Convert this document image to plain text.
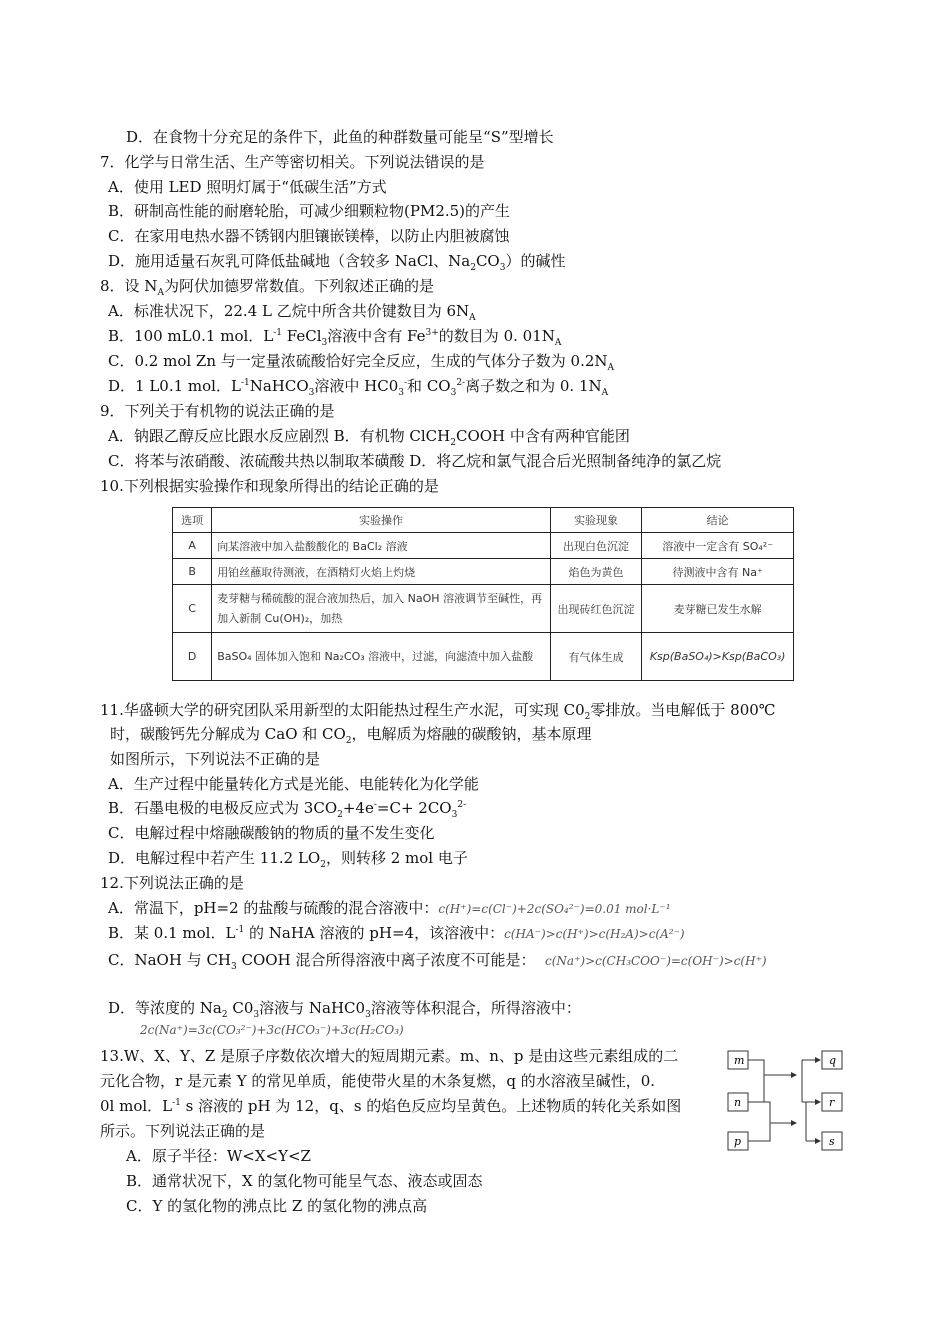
D．在食物十分充足的条件下，此鱼的种群数量可能呈“S”型增长
7．化学与日常生活、生产等密切相关。下列说法错误的是
A．使用 LED 照明灯属于“低碳生活”方式
B．研制高性能的耐磨轮胎，可减少细颗粒物(PM2.5)的产生
C．在家用电热水器不锈钢内胆镶嵌镁棒，以防止内胆被腐蚀
D．施用适量石灰乳可降低盐碱地（含较多 NaCl、$Na_2CO_3$）的碱性
8．设 $N_A$为阿伏加德罗常数值。下列叙述正确的是
A．标准状况下，22.4 L 乙烷中所含共价键数目为 $6N_A$
B．100 mL0.1 mol．$L^{-1}$ FeCl$_3$溶液中含有 $Fe^{3+}$的数目为 0. $01N_A$
C．0.2 mol Zn 与一定量浓硫酸恰好完全反应，生成的气体分子数为 $0.2N_A$
D．1 L0.1 mol．$L^{-1}NaHCO_3$溶液中 $HC0_3^-$和 $CO_3^{2-}$离子数之和为 0. $1N_A$
9．下列关于有机物的说法正确的是
A．钠跟乙醇反应比跟水反应剧烈 B．有机物 ClCH$_2$COOH 中含有两种官能团
C．将苯与浓硝酸、浓硫酸共热以制取苯磺酸 D．将乙烷和氯气混合后光照制备纯净的氯乙烷
10.下列根据实验操作和现象所得出的结论正确的是
选项	实验操作	实验现象	结论
A	向某溶液中加入盐酸酸化的 BaCl₂ 溶液	出现白色沉淀	溶液中一定含有 SO₄²⁻
B	用铂丝蘸取待测液，在酒精灯火焰上灼烧	焰色为黄色	待测液中含有 Na⁺
C	麦芽糖与稀硫酸的混合液加热后，加入 NaOH 溶液调节至碱性，再加入新制 Cu(OH)₂，加热	出现砖红色沉淀	麦芽糖已发生水解
D	BaSO₄ 固体加入饱和 Na₂CO₃ 溶液中，过滤，向滤渣中加入盐酸	有气体生成	Ksp(BaSO₄)>Ksp(BaCO₃)
11.华盛顿大学的研究团队采用新型的太阳能热过程生产水泥，可实现 $C0_2$零排放。当电解低于 800℃
时，碳酸钙先分解成为 CaO 和 $CO_2$，电解质为熔融的碳酸钠，基本原理
如图所示，下列说法不正确的是
A．生产过程中能量转化方式是光能、电能转化为化学能
B．石墨电极的电极反应式为 $3CO_2+4e^-=C+ 2CO_3^{2-}$
C．电解过程中熔融碳酸钠的物质的量不发生变化
D．电解过程中若产生 11.2 $LO_2$，则转移 2 mol 电子
12.下列说法正确的是
A．常温下，pH=2 的盐酸与硫酸的混合溶液中：c(H⁺)=c(Cl⁻)+2c(SO₄²⁻)=0.01 mol·L⁻¹
B．某 0.1 mol．$L^{-1}$ 的 NaHA 溶液的 pH=4，该溶液中：c(HA⁻)>c(H⁺)>c(H₂A)>c(A²⁻)
C．NaOH 与 $CH_3$ COOH 混合所得溶液中离子浓度不可能是： c(Na⁺)>c(CH₃COO⁻)=c(OH⁻)>c(H⁺)
D．等浓度的 $Na_2$ $C0_3$溶液与 $NaHC0_3$溶液等体积混合，所得溶液中：
2c(Na⁺)=3c(CO₃²⁻)+3c(HCO₃⁻)+3c(H₂CO₃)
13.W、X、Y、Z 是原子序数依次增大的短周期元素。m、n、p 是由这些元素组成的二
元化合物，r 是元素 Y 的常见单质，能使带火星的木条复燃，q 的水溶液呈碱性，0.
0l mol．$L^{-1}$ s 溶液的 pH 为 12，q、s 的焰色反应均呈黄色。上述物质的转化关系如图
所示。下列说法正确的是
A．原子半径：W<X<Y<Z
B．通常状况下，X 的氢化物可能呈气态、液态或固态
C．Y 的氢化物的沸点比 Z 的氢化物的沸点高
m
n
p
q
r
s
